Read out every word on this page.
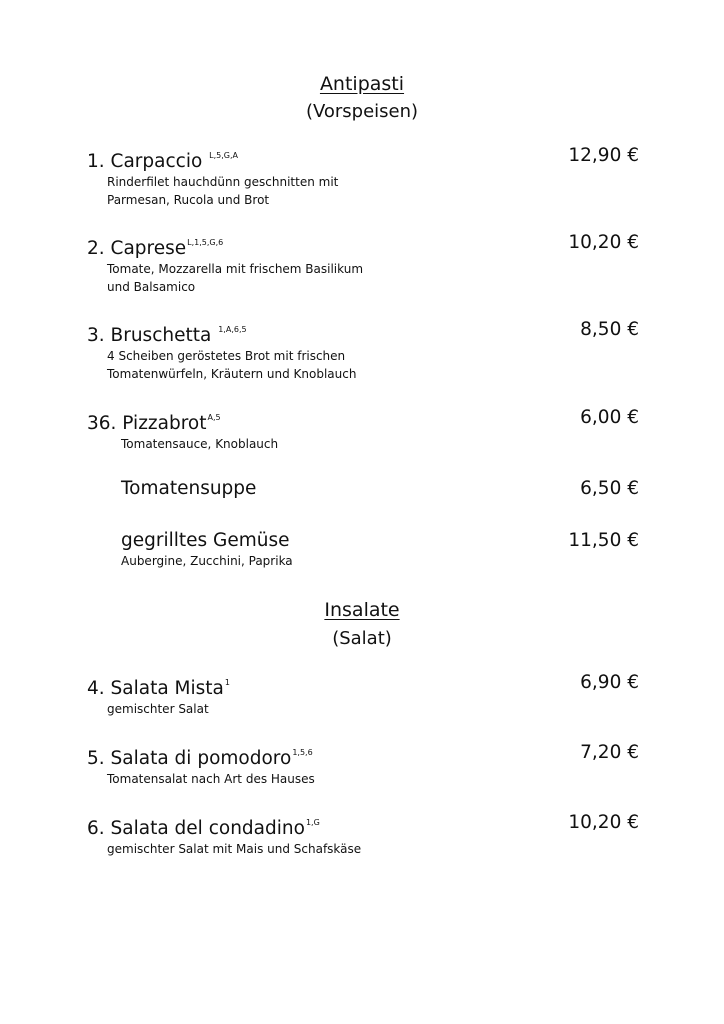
Antipasti
(Vorspeisen)
1. Carpaccio $^{L,5,G,A}$	12,90 €
Rinderfilet hauchdünn geschnitten mit
Parmesan, Rucola und Brot
2. Caprese$^{L,1,5,G,6}$	10,20 €
Tomate, Mozzarella mit frischem Basilikum
und Balsamico
3. Bruschetta $^{1,A,6,5}$	8,50 €
4 Scheiben geröstetes Brot mit frischen
Tomatenwürfeln, Kräutern und Knoblauch
36. Pizzabrot$^{A,5}$	6,00 €
Tomatensauce, Knoblauch
Tomatensuppe	6,50 €
gegrilltes Gemüse	11,50 €
Aubergine, Zucchini, Paprika
Insalate
(Salat)
4. Salata Mista$^1$	6,90 €
gemischter Salat
5. Salata di pomodoro$^{1,5,6}$	7,20 €
Tomatensalat nach Art des Hauses
6. Salata del condadino$^{1,G}$	10,20 €
gemischter Salat mit Mais und Schafskäse
